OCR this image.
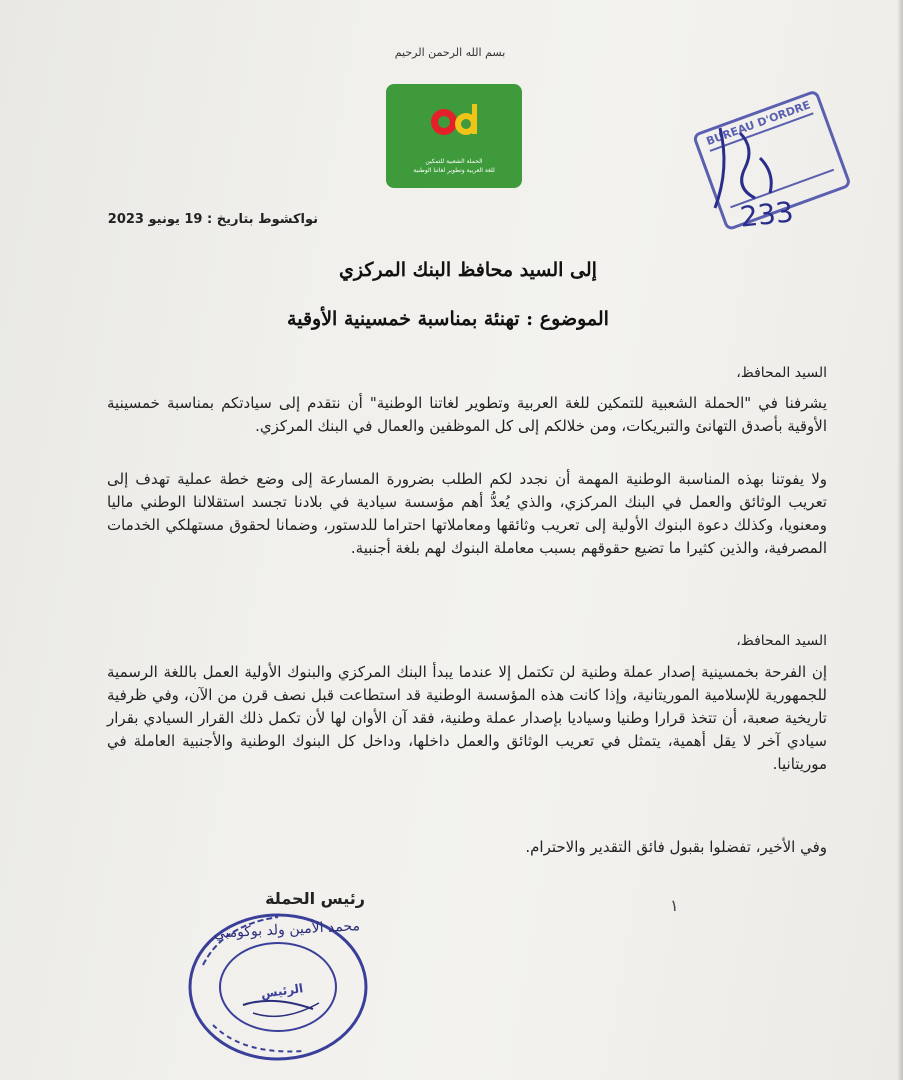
بسم الله الرحمن الرحيم
الحملة الشعبية للتمكين
للغة العربية وتطوير لغاتنا الوطنية
نواكشوط بتاريخ : 19 يونيو 2023
إلى السيد محافظ البنك المركزي
الموضوع : تهنئة بمناسبة خمسينية الأوقية
السيد المحافظ،
يشرفنا في "الحملة الشعبية للتمكين للغة العربية وتطوير لغاتنا الوطنية" أن نتقدم إلى سيادتكم بمناسبة خمسينية الأوقية بأصدق التهانئ والتبريكات، ومن خلالكم إلى كل الموظفين والعمال في البنك المركزي.
ولا يفوتنا بهذه المناسبة الوطنية المهمة أن نجدد لكم الطلب بضرورة المسارعة إلى وضع خطة عملية تهدف إلى تعريب الوثائق والعمل في البنك المركزي، والذي يُعدُّ أهم مؤسسة سيادية في بلادنا تجسد استقلالنا الوطني ماليا ومعنويا، وكذلك دعوة البنوك الأولية إلى تعريب وثائقها ومعاملاتها احتراما للدستور، وضمانا لحقوق مستهلكي الخدمات المصرفية، والذين كثيرا ما تضيع حقوقهم بسبب معاملة البنوك لهم بلغة أجنبية.
السيد المحافظ،
إن الفرحة بخمسينية إصدار عملة وطنية لن تكتمل إلا عندما يبدأ البنك المركزي والبنوك الأولية العمل باللغة الرسمية للجمهورية للإسلامية الموريتانية، وإذا كانت هذه المؤسسة الوطنية قد استطاعت قبل نصف قرن من الآن، وفي ظرفية تاريخية صعبة، أن تتخذ قرارا وطنيا وسياديا بإصدار عملة وطنية، فقد آن الأوان لها لأن تكمل ذلك القرار السيادي بقرار سيادي آخر لا يقل أهمية، يتمثل في تعريب الوثائق والعمل داخلها، وداخل كل البنوك الوطنية والأجنبية العاملة في موريتانيا.
وفي الأخير، تفضلوا بقبول فائق التقدير والاحترام.
رئيس الحملة
محمد الأمين ولد بوكومبي
الرئيس
١
BUREAU D'ORDRE
233
